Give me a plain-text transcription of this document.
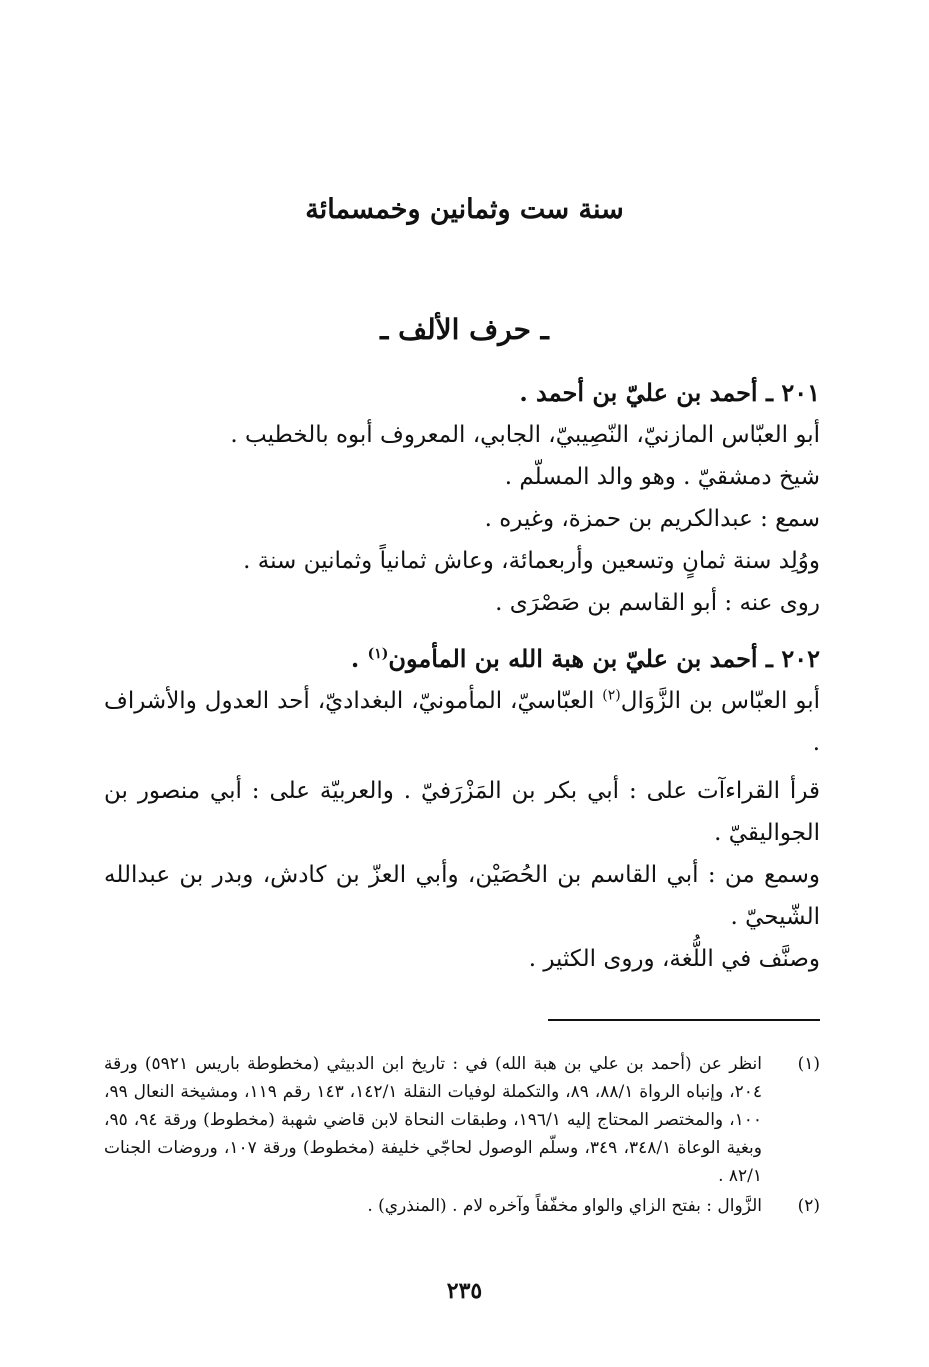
سنة ست وثمانين وخمسمائة
ـ حرف الألف ـ
٢٠١ ـ أحمد بن عليّ بن أحمد .
أبو العبّاس المازنيّ، النّصِيبيّ، الجابي، المعروف أبوه بالخطيب .
شيخ دمشقيّ . وهو والد المسلّم .
سمع : عبدالكريم بن حمزة، وغيره .
ووُلِد سنة ثمانٍ وتسعين وأربعمائة، وعاش ثمانياً وثمانين سنة .
روى عنه : أبو القاسم بن صَصْرَى .
٢٠٢ ـ أحمد بن عليّ بن هبة الله بن المأمون$^{(١)}$ .
أبو العبّاس بن الزَّوَال$^{(٢)}$ العبّاسيّ، المأمونيّ، البغداديّ، أحد العدول والأشراف .
قرأ القراءآت على : أبي بكر بن المَزْرَفيّ . والعربيّة على : أبي منصور بن الجواليقيّ .
وسمع من : أبي القاسم بن الحُصَيْن، وأبي العزّ بن كادش، وبدر بن عبدالله الشّيحيّ .
وصنَّف في اللُّغة، وروى الكثير .
(١)
انظر عن (أحمد بن علي بن هبة الله) في : تاريخ ابن الدبيثي (مخطوطة باريس ٥٩٢١) ورقة ٢٠٤، وإنباه الرواة ٨٨/١، ٨٩، والتكملة لوفيات النقلة ١٤٢/١، ١٤٣ رقم ١١٩، ومشيخة النعال ٩٩، ١٠٠، والمختصر المحتاج إليه ١٩٦/١، وطبقات النحاة لابن قاضي شهبة (مخطوط) ورقة ٩٤، ٩٥، وبغية الوعاة ٣٤٨/١، ٣٤٩، وسلّم الوصول لحاجّي خليفة (مخطوط) ورقة ١٠٧، وروضات الجنات ٨٢/١ .
(٢)
الزَّوال : بفتح الزاي والواو مخفّفاً وآخره لام . (المنذري) .
٢٣٥
